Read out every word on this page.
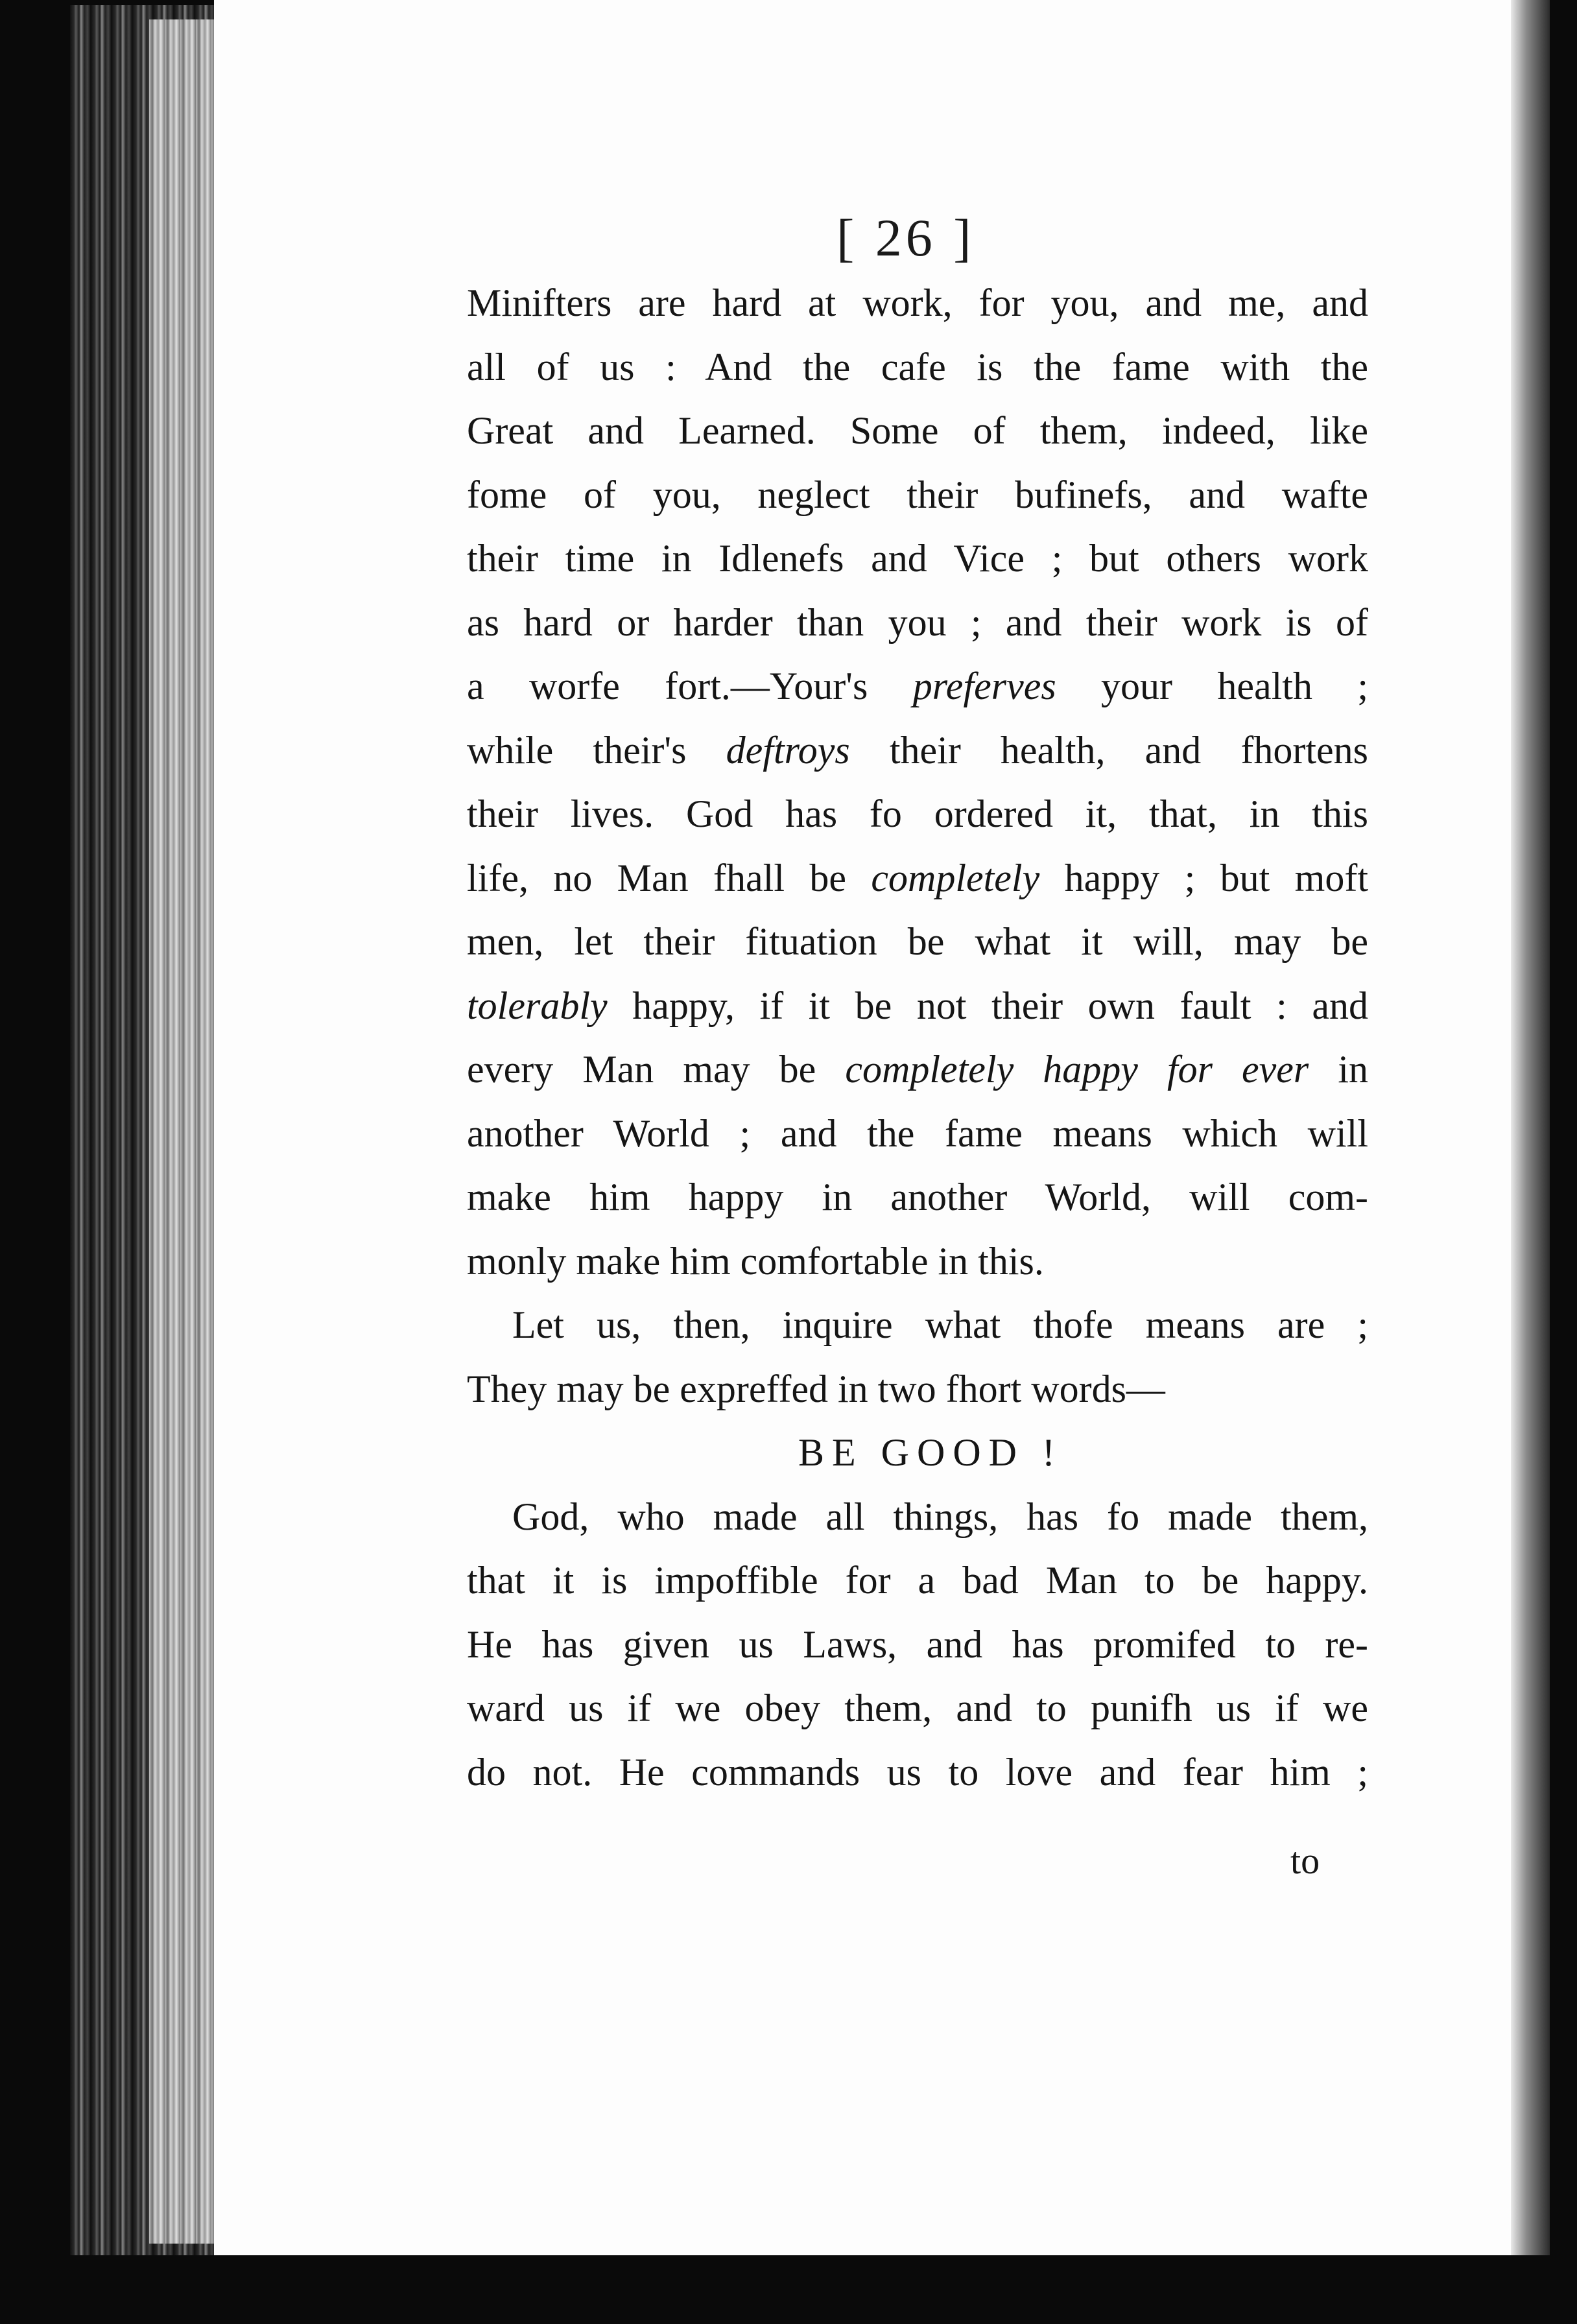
[ 26 ]
Minifters are hard at work, for you, and me, and
all of us : And the cafe is the fame with the
Great and Learned. Some of them, indeed, like
fome of you, neglect their bufinefs, and wafte
their time in Idlenefs and Vice ; but others work
as hard or harder than you ; and their work is of
a worfe fort.—Your's preferves your health ;
while their's deftroys their health, and fhortens
their lives. God has fo ordered it, that, in this
life, no Man fhall be completely happy ; but moft
men, let their fituation be what it will, may be
tolerably happy, if it be not their own fault : and
every Man may be completely happy for ever in
another World ; and the fame means which will
make him happy in another World, will com-
monly make him comfortable in this.
Let us, then, inquire what thofe means are ;
They may be expreffed in two fhort words—
BE GOOD !
God, who made all things, has fo made them,
that it is impoffible for a bad Man to be happy.
He has given us Laws, and has promifed to re-
ward us if we obey them, and to punifh us if we
do not. He commands us to love and fear him ;
to
